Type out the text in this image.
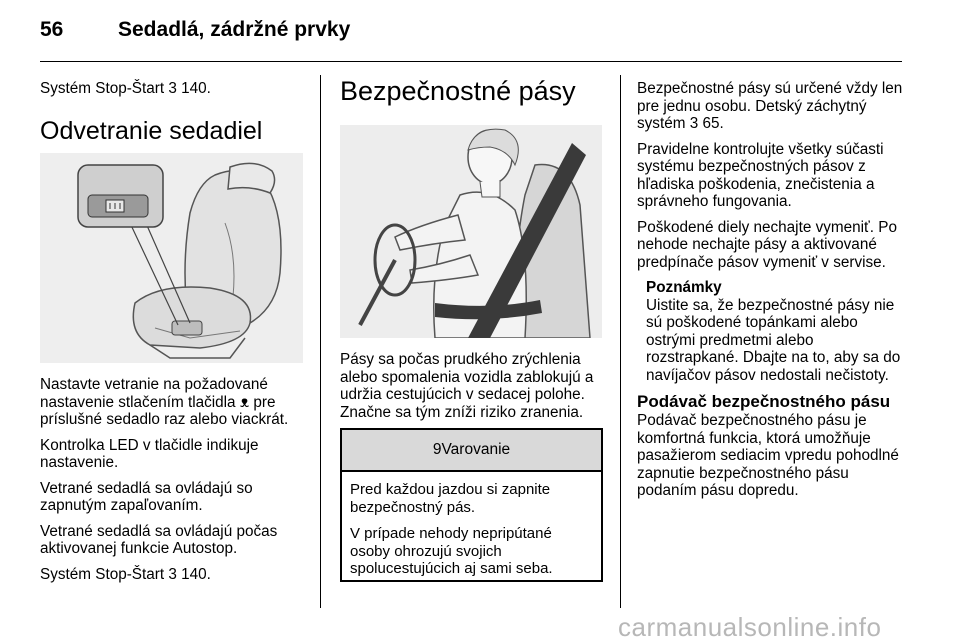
56	Sedadlá, zádržné prvky

Systém Stop-Štart 3 140.

Odvetranie sedadiel

Nastavte vetranie na požadované nastavenie stlačením tlačidla ᴥ pre príslušné sedadlo raz alebo viackrát.

Kontrolka LED v tlačidle indikuje nastavenie.

Vetrané sedadlá sa ovládajú so zapnutým zapaľovaním.

Vetrané sedadlá sa ovládajú počas aktivovanej funkcie Autostop.

Systém Stop-Štart 3 140.

Bezpečnostné pásy

Pásy sa počas prudkého zrýchlenia alebo spomalenia vozidla zablokujú a udržia cestujúcich v sedacej polohe. Značne sa tým zníži riziko zranenia.

9Varovanie

Pred každou jazdou si zapnite bezpečnostný pás.

V prípade nehody nepripútané osoby ohrozujú svojich spolucestujúcich aj sami seba.

Bezpečnostné pásy sú určené vždy len pre jednu osobu. Detský záchytný systém 3 65.

Pravidelne kontrolujte všetky súčasti systému bezpečnostných pásov z hľadiska poškodenia, znečistenia a správneho fungovania.

Poškodené diely nechajte vymeniť. Po nehode nechajte pásy a aktivované predpínače pásov vymeniť v servise.

Poznámky

Uistite sa, že bezpečnostné pásy nie sú poškodené topánkami alebo ostrými predmetmi alebo rozstrapkané. Dbajte na to, aby sa do navíjačov pásov nedostali nečistoty.

Podávač bezpečnostného pásu

Podávač bezpečnostného pásu je komfortná funkcia, ktorá umožňuje pasažierom sediacim vpredu pohodlné zapnutie bezpečnostného pásu podaním pásu dopredu.

carmanualsonline.info
